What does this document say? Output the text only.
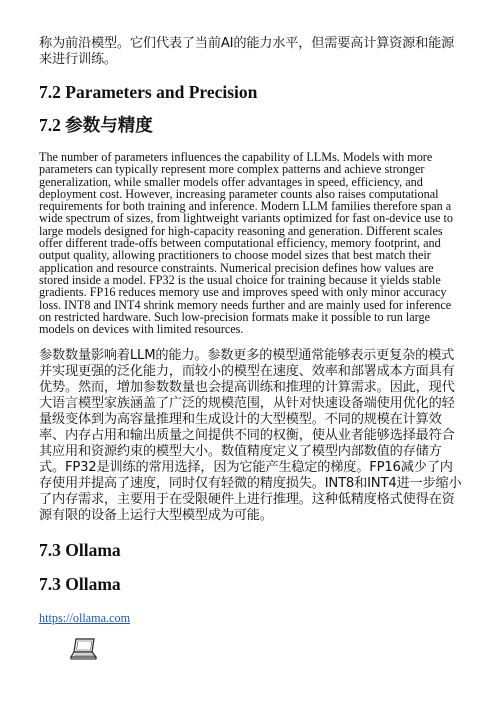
称为前沿模型。它们代表了当前AI的能力水平，但需要高计算资源和能源来进行训练。

7.2 Parameters and Precision
7.2 参数与精度

The number of parameters influences the capability of LLMs. Models with more parameters can typically represent more complex patterns and achieve stronger generalization, while smaller models offer advantages in speed, efficiency, and deployment cost. However, increasing parameter counts also raises computational requirements for both training and inference. Modern LLM families therefore span a wide spectrum of sizes, from lightweight variants optimized for fast on-device use to large models designed for high-capacity reasoning and generation. Different scales offer different trade-offs between computational efficiency, memory footprint, and output quality, allowing practitioners to choose model sizes that best match their application and resource constraints. Numerical precision defines how values are stored inside a model. FP32 is the usual choice for training because it yields stable gradients. FP16 reduces memory use and improves speed with only minor accuracy loss. INT8 and INT4 shrink memory needs further and are mainly used for inference on restricted hardware. Such low-precision formats make it possible to run large models on devices with limited resources.

参数数量影响着LLM的能力。参数更多的模型通常能够表示更复杂的模式并实现更强的泛化能力，而较小的模型在速度、效率和部署成本方面具有优势。然而，增加参数数量也会提高训练和推理的计算需求。因此，现代大语言模型家族涵盖了广泛的规模范围，从针对快速设备端使用优化的轻量级变体到为高容量推理和生成设计的大型模型。不同的规模在计算效率、内存占用和输出质量之间提供不同的权衡，使从业者能够选择最符合其应用和资源约束的模型大小。数值精度定义了模型内部数值的存储方式。FP32是训练的常用选择，因为它能产生稳定的梯度。FP16减少了内存使用并提高了速度，同时仅有轻微的精度损失。INT8和INT4进一步缩小了内存需求，主要用于在受限硬件上进行推理。这种低精度格式使得在资源有限的设备上运行大型模型成为可能。

7.3 Ollama
7.3 Ollama
https://ollama.com
